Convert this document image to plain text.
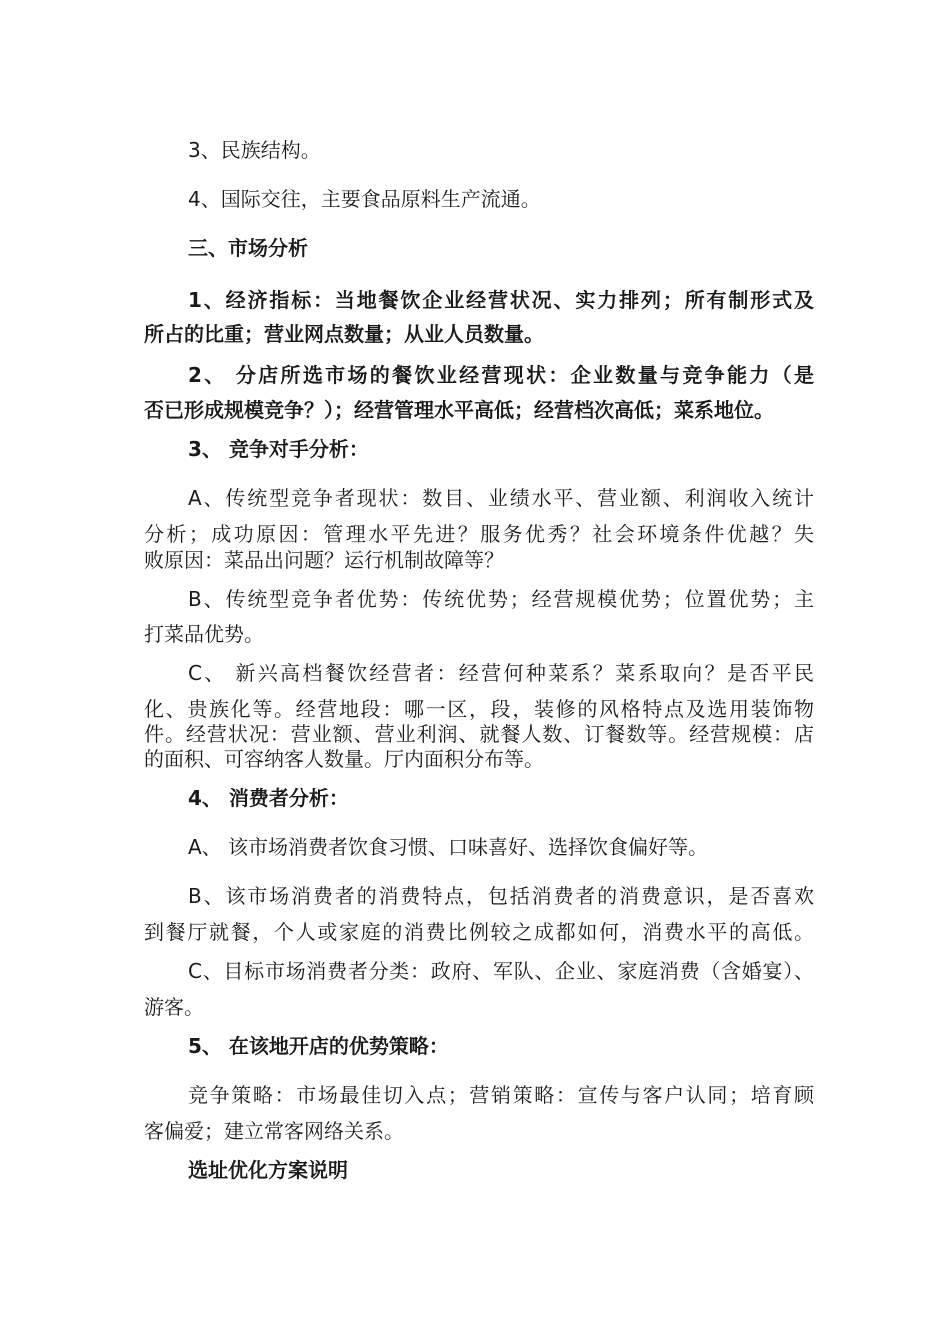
3、民族结构。
4、国际交往，主要食品原料生产流通。
三、市场分析
1、经济指标：当地餐饮企业经营状况、实力排列；所有制形式及
所占的比重；营业网点数量；从业人员数量。
2、 分店所选市场的餐饮业经营现状：企业数量与竞争能力（是
否已形成规模竞争？）；经营管理水平高低；经营档次高低；菜系地位。
3、 竞争对手分析：
A、传统型竞争者现状：数目、业绩水平、营业额、利润收入统计
分析；成功原因：管理水平先进？服务优秀？社会环境条件优越？失
败原因：菜品出问题？运行机制故障等？
B、传统型竞争者优势：传统优势；经营规模优势；位置优势；主
打菜品优势。
C、 新兴高档餐饮经营者：经营何种菜系？菜系取向？是否平民
化、贵族化等。经营地段：哪一区，段，装修的风格特点及选用装饰物
件。经营状况：营业额、营业利润、就餐人数、订餐数等。经营规模：店
的面积、可容纳客人数量。厅内面积分布等。
4、 消费者分析：
A、 该市场消费者饮食习惯、口味喜好、选择饮食偏好等。
B、该市场消费者的消费特点，包括消费者的消费意识，是否喜欢
到餐厅就餐，个人或家庭的消费比例较之成都如何，消费水平的高低。
C、目标市场消费者分类：政府、军队、企业、家庭消费（含婚宴）、
游客。
5、 在该地开店的优势策略：
竞争策略：市场最佳切入点；营销策略：宣传与客户认同；培育顾
客偏爱；建立常客网络关系。
选址优化方案说明
